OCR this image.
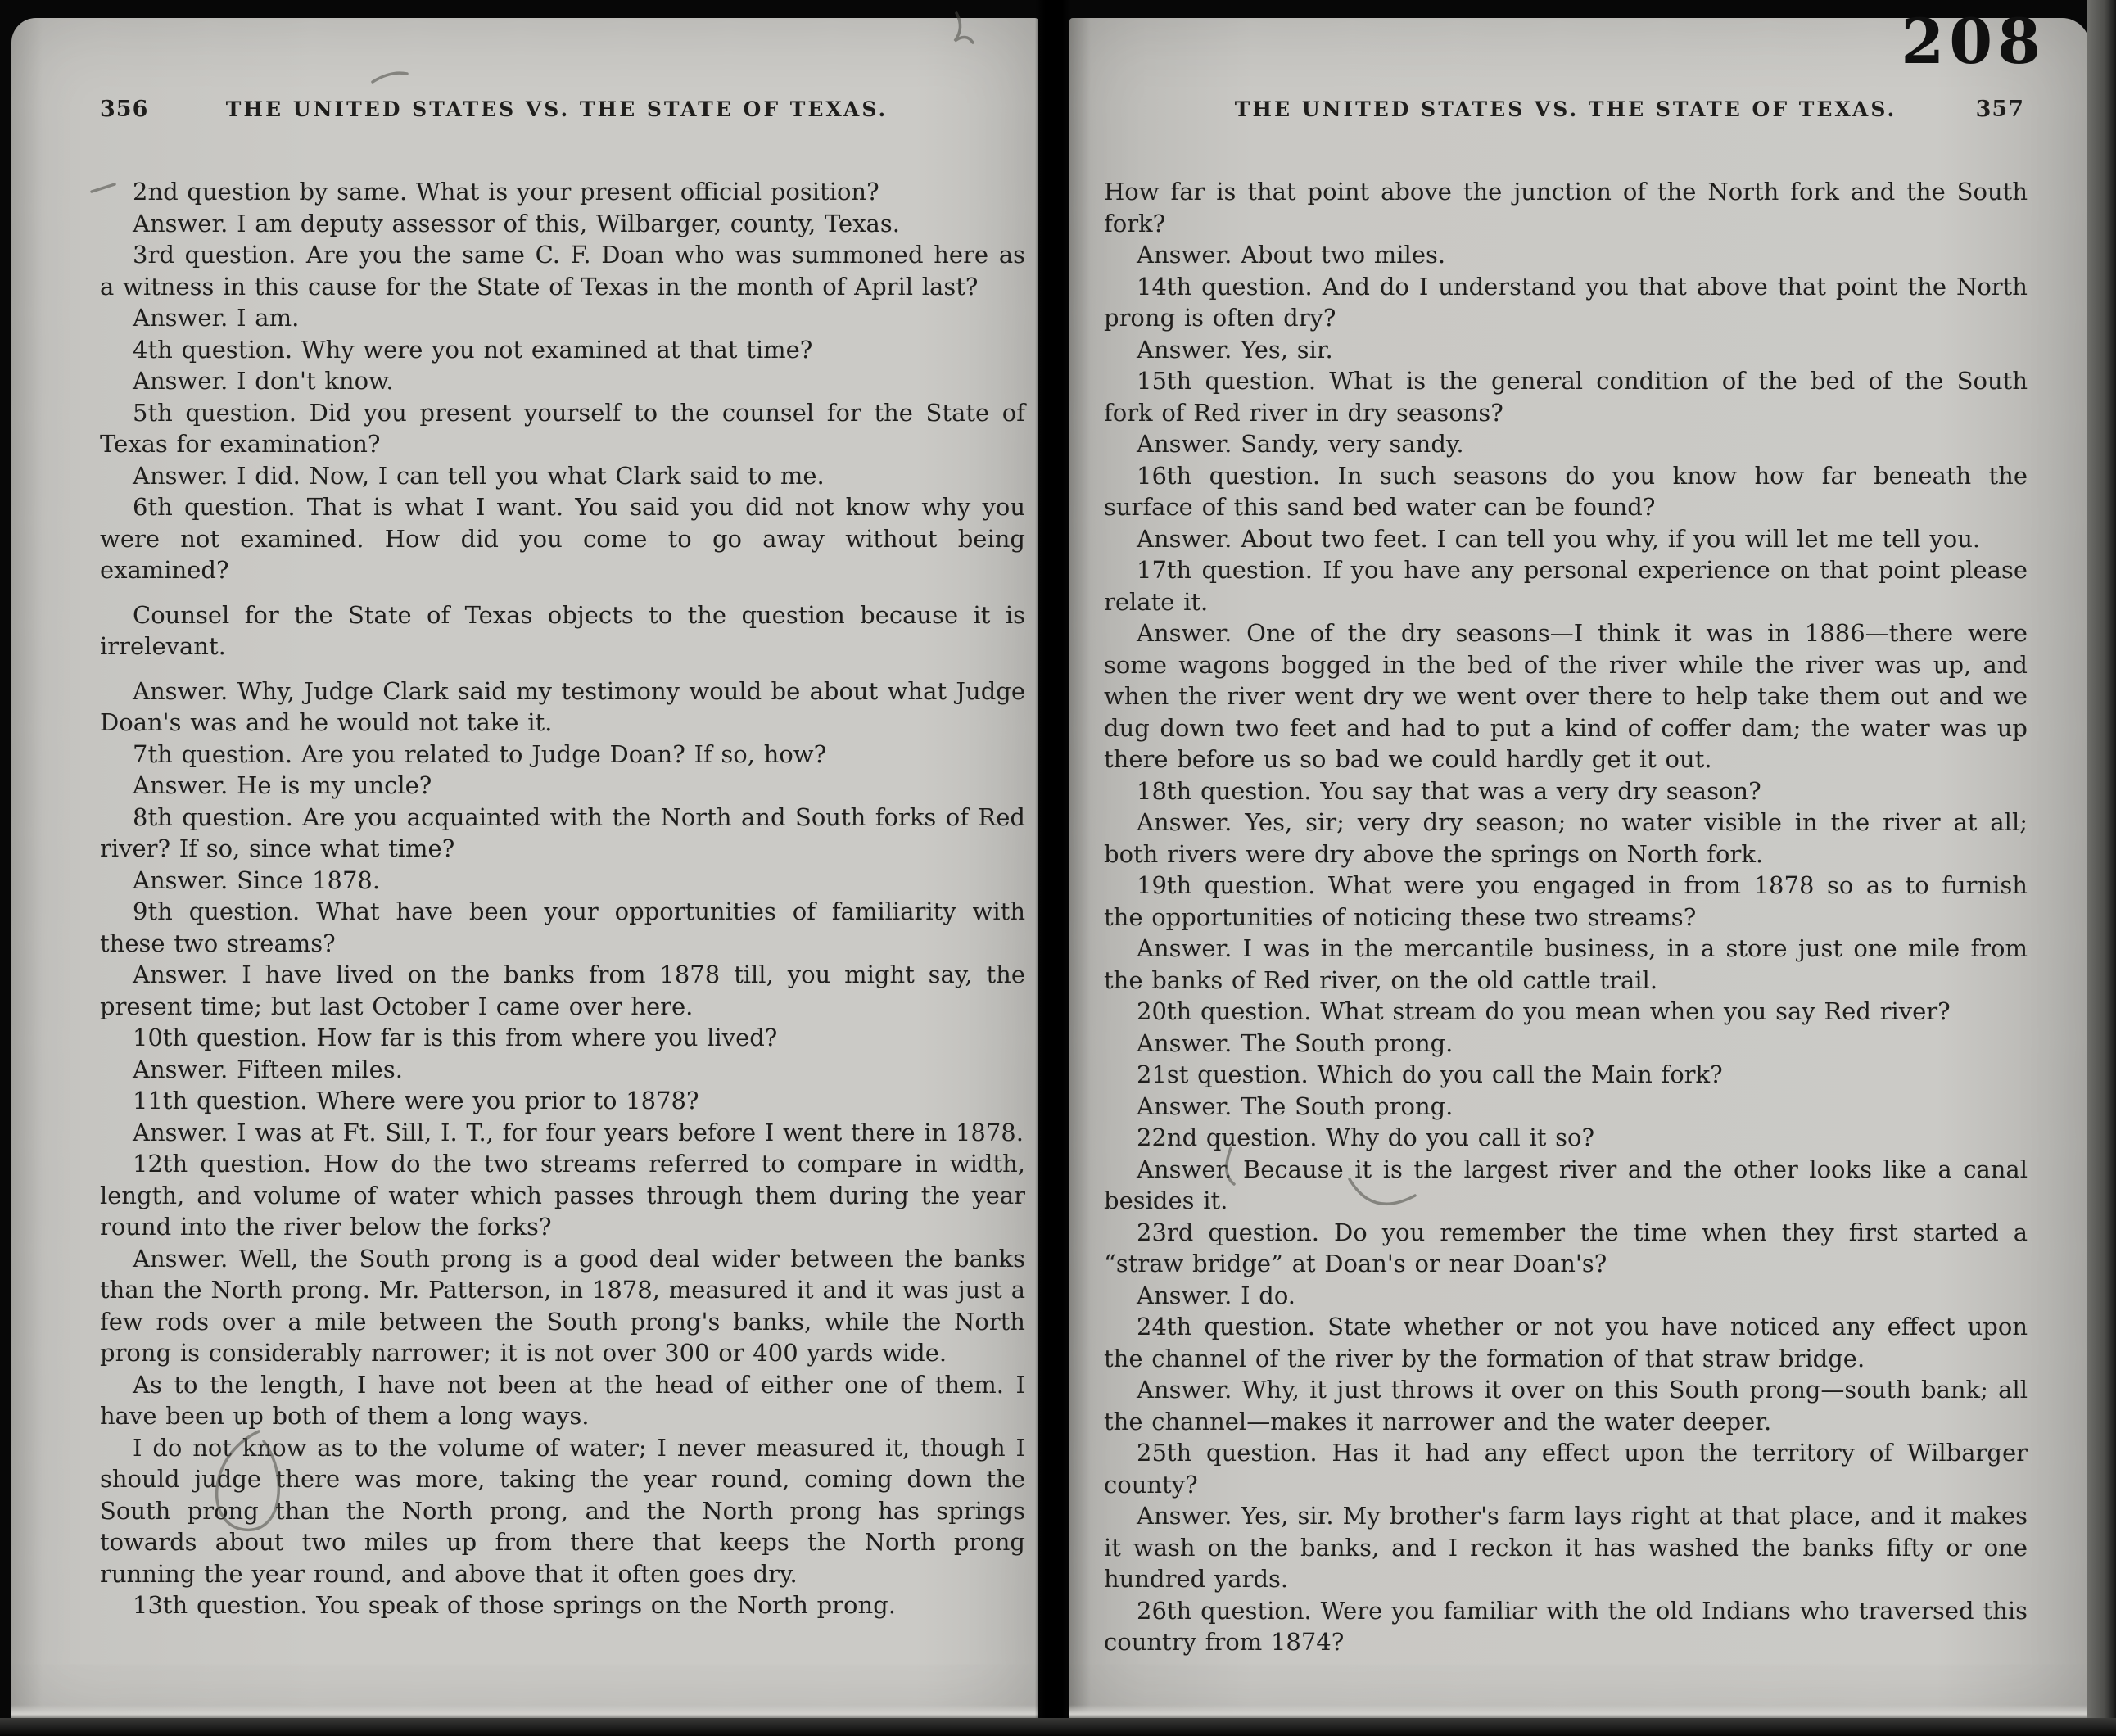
356	THE UNITED STATES VS. THE STATE OF TEXAS.

2nd question by same. What is your present official position?

Answer. I am deputy assessor of this, Wilbarger, county, Texas.

3rd question. Are you the same C. F. Doan who was summoned here as a witness in this cause for the State of Texas in the month of April last?

Answer. I am.

4th question. Why were you not examined at that time?

Answer. I don't know.

5th question. Did you present yourself to the counsel for the State of Texas for examination?

Answer. I did. Now, I can tell you what Clark said to me.

6th question. That is what I want. You said you did not know why you were not examined. How did you come to go away without being examined?

Counsel for the State of Texas objects to the question because it is irrelevant.

Answer. Why, Judge Clark said my testimony would be about what Judge Doan's was and he would not take it.

7th question. Are you related to Judge Doan? If so, how?

Answer. He is my uncle?

8th question. Are you acquainted with the North and South forks of Red river? If so, since what time?

Answer. Since 1878.

9th question. What have been your opportunities of familiarity with these two streams?

Answer. I have lived on the banks from 1878 till, you might say, the present time; but last October I came over here.

10th question. How far is this from where you lived?

Answer. Fifteen miles.

11th question. Where were you prior to 1878?

Answer. I was at Ft. Sill, I. T., for four years before I went there in 1878.

12th question. How do the two streams referred to compare in width, length, and volume of water which passes through them during the year round into the river below the forks?

Answer. Well, the South prong is a good deal wider between the banks than the North prong. Mr. Patterson, in 1878, measured it and it was just a few rods over a mile between the South prong's banks, while the North prong is considerably narrower; it is not over 300 or 400 yards wide.

As to the length, I have not been at the head of either one of them. I have been up both of them a long ways.

I do not know as to the volume of water; I never measured it, though I should judge there was more, taking the year round, coming down the South prong than the North prong, and the North prong has springs towards about two miles up from there that keeps the North prong running the year round, and above that it often goes dry.

13th question. You speak of those springs on the North prong.

THE UNITED STATES VS. THE STATE OF TEXAS.	357

How far is that point above the junction of the North fork and the South fork?

Answer. About two miles.

14th question. And do I understand you that above that point the North prong is often dry?

Answer. Yes, sir.

15th question. What is the general condition of the bed of the South fork of Red river in dry seasons?

Answer. Sandy, very sandy.

16th question. In such seasons do you know how far beneath the surface of this sand bed water can be found?

Answer. About two feet. I can tell you why, if you will let me tell you.

17th question. If you have any personal experience on that point please relate it.

Answer. One of the dry seasons—I think it was in 1886—there were some wagons bogged in the bed of the river while the river was up, and when the river went dry we went over there to help take them out and we dug down two feet and had to put a kind of coffer dam; the water was up there before us so bad we could hardly get it out.

18th question. You say that was a very dry season?

Answer. Yes, sir; very dry season; no water visible in the river at all; both rivers were dry above the springs on North fork.

19th question. What were you engaged in from 1878 so as to furnish the opportunities of noticing these two streams?

Answer. I was in the mercantile business, in a store just one mile from the banks of Red river, on the old cattle trail.

20th question. What stream do you mean when you say Red river?

Answer. The South prong.

21st question. Which do you call the Main fork?

Answer. The South prong.

22nd question. Why do you call it so?

Answer. Because it is the largest river and the other looks like a canal besides it.

23rd question. Do you remember the time when they first started a “straw bridge” at Doan's or near Doan's?

Answer. I do.

24th question. State whether or not you have noticed any effect upon the channel of the river by the formation of that straw bridge.

Answer. Why, it just throws it over on this South prong—south bank; all the channel—makes it narrower and the water deeper.

25th question. Has it had any effect upon the territory of Wilbarger county?

Answer. Yes, sir. My brother's farm lays right at that place, and it makes it wash on the banks, and I reckon it has washed the banks fifty or one hundred yards.

26th question. Were you familiar with the old Indians who traversed this country from 1874?

208
